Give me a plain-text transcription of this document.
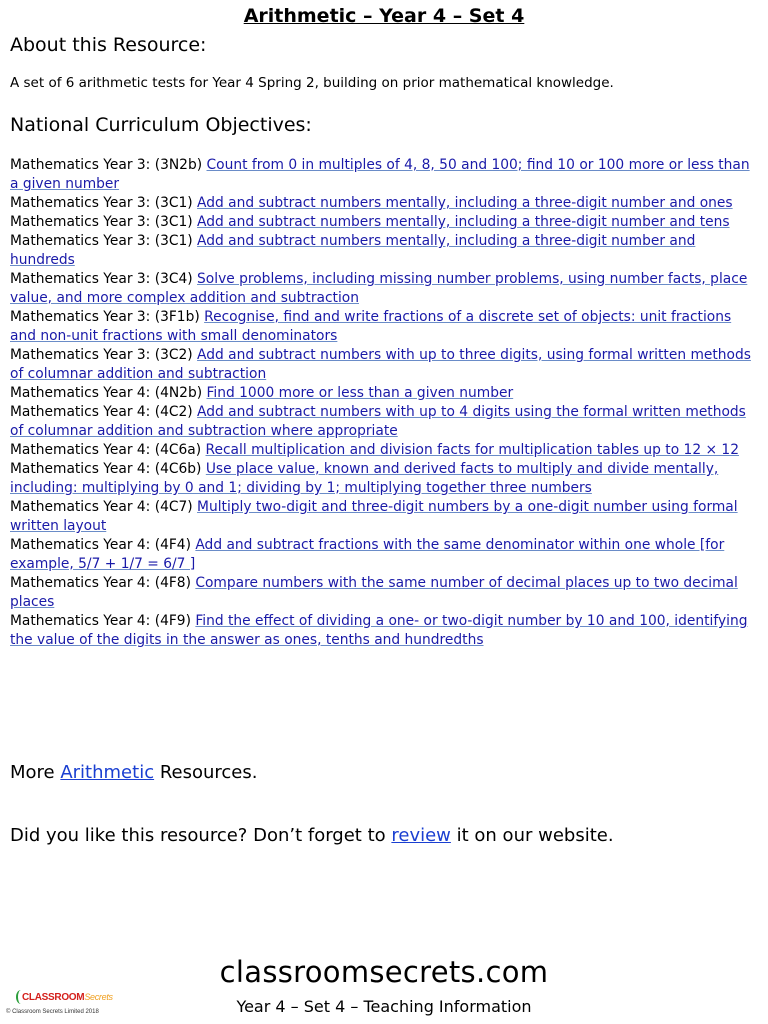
Arithmetic – Year 4 – Set 4
About this Resource:

A set of 6 arithmetic tests for Year 4 Spring 2, building on prior mathematical knowledge.

National Curriculum Objectives:
Mathematics Year 3: (3N2b) Count from 0 in multiples of 4, 8, 50 and 100; find 10 or 100 more or less than a given number
Mathematics Year 3: (3C1) Add and subtract numbers mentally, including a three-digit number and ones
Mathematics Year 3: (3C1) Add and subtract numbers mentally, including a three-digit number and tens
Mathematics Year 3: (3C1) Add and subtract numbers mentally, including a three-digit number and hundreds
Mathematics Year 3: (3C4) Solve problems, including missing number problems, using number facts, place value, and more complex addition and subtraction
Mathematics Year 3: (3F1b) Recognise, find and write fractions of a discrete set of objects: unit fractions and non-unit fractions with small denominators
Mathematics Year 3: (3C2) Add and subtract numbers with up to three digits, using formal written methods of columnar addition and subtraction
Mathematics Year 4: (4N2b) Find 1000 more or less than a given number
Mathematics Year 4: (4C2) Add and subtract numbers with up to 4 digits using the formal written methods of columnar addition and subtraction where appropriate
Mathematics Year 4: (4C6a) Recall multiplication and division facts for multiplication tables up to 12 × 12
Mathematics Year 4: (4C6b) Use place value, known and derived facts to multiply and divide mentally, including: multiplying by 0 and 1; dividing by 1; multiplying together three numbers
Mathematics Year 4: (4C7) Multiply two-digit and three-digit numbers by a one-digit number using formal written layout
Mathematics Year 4: (4F4) Add and subtract fractions with the same denominator within one whole [for example, 5/7 + 1/7 = 6/7 ]
Mathematics Year 4: (4F8) Compare numbers with the same number of decimal places up to two decimal places
Mathematics Year 4: (4F9) Find the effect of dividing a one- or two-digit number by 10 and 100, identifying the value of the digits in the answer as ones, tenths and hundredths

More Arithmetic Resources.

Did you like this resource? Don’t forget to review it on our website.

CLASSROOMSecrets
© Classroom Secrets Limited 2018
classroomsecrets.com
Year 4 – Set 4 – Teaching Information
